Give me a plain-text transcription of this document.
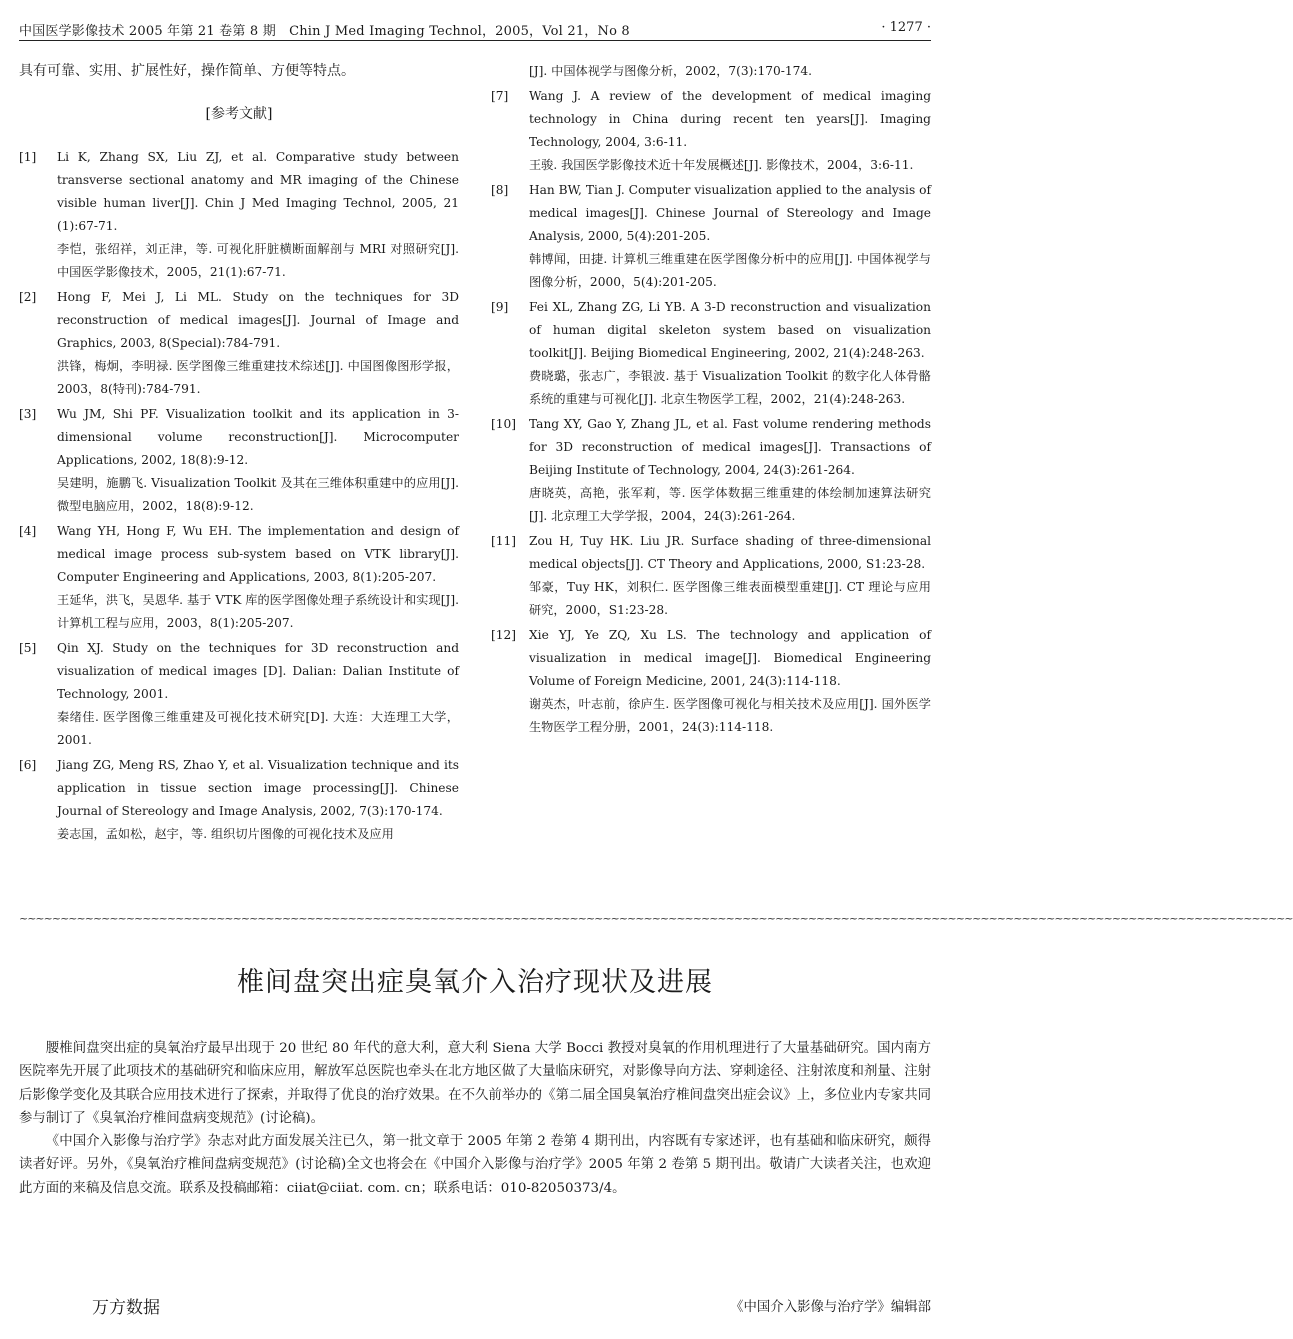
中国医学影像技术 2005 年第 21 卷第 8 期　Chin J Med Imaging Technol，2005，Vol 21，No 8	· 1277 ·
具有可靠、实用、扩展性好，操作简单、方便等特点。
[参考文献]
[1]	Li K, Zhang SX, Liu ZJ, et al. Comparative study between transverse sectional anatomy and MR imaging of the Chinese visible human liver[J]. Chin J Med Imaging Technol, 2005, 21 (1):67-71.

李恺，张绍祥，刘正津，等. 可视化肝脏横断面解剖与 MRI 对照研究[J]. 中国医学影像技术，2005，21(1):67-71.

[2]	Hong F, Mei J, Li ML. Study on the techniques for 3D reconstruction of medical images[J]. Journal of Image and Graphics, 2003, 8(Special):784-791.

洪锋，梅炯，李明禄. 医学图像三维重建技术综述[J]. 中国图像图形学报，2003，8(特刊):784-791.

[3]	Wu JM, Shi PF. Visualization toolkit and its application in 3-dimensional volume reconstruction[J]. Microcomputer Applications, 2002, 18(8):9-12.

吴建明，施鹏飞. Visualization Toolkit 及其在三维体积重建中的应用[J]. 微型电脑应用，2002，18(8):9-12.

[4]	Wang YH, Hong F, Wu EH. The implementation and design of medical image process sub-system based on VTK library[J]. Computer Engineering and Applications, 2003, 8(1):205-207.

王延华，洪飞，吴恩华. 基于 VTK 库的医学图像处理子系统设计和实现[J]. 计算机工程与应用，2003，8(1):205-207.

[5]	Qin XJ. Study on the techniques for 3D reconstruction and visualization of medical images [D]. Dalian: Dalian Institute of Technology, 2001.

秦绪佳. 医学图像三维重建及可视化技术研究[D]. 大连：大连理工大学，2001.

[6]	Jiang ZG, Meng RS, Zhao Y, et al. Visualization technique and its application in tissue section image processing[J]. Chinese Journal of Stereology and Image Analysis, 2002, 7(3):170-174.

姜志国，孟如松，赵宇，等. 组织切片图像的可视化技术及应用

[J]. 中国体视学与图像分析，2002，7(3):170-174.
[7]	Wang J. A review of the development of medical imaging technology in China during recent ten years[J]. Imaging Technology, 2004, 3:6-11.

王骏. 我国医学影像技术近十年发展概述[J]. 影像技术，2004，3:6-11.

[8]	Han BW, Tian J. Computer visualization applied to the analysis of medical images[J]. Chinese Journal of Stereology and Image Analysis, 2000, 5(4):201-205.

韩博闻，田捷. 计算机三维重建在医学图像分析中的应用[J]. 中国体视学与图像分析，2000，5(4):201-205.

[9]	Fei XL, Zhang ZG, Li YB. A 3-D reconstruction and visualization of human digital skeleton system based on visualization toolkit[J]. Beijing Biomedical Engineering, 2002, 21(4):248-263.

费晓璐，张志广，李银波. 基于 Visualization Toolkit 的数字化人体骨骼系统的重建与可视化[J]. 北京生物医学工程，2002，21(4):248-263.

[10]	Tang XY, Gao Y, Zhang JL, et al. Fast volume rendering methods for 3D reconstruction of medical images[J]. Transactions of Beijing Institute of Technology, 2004, 24(3):261-264.

唐晓英，高艳，张军莉，等. 医学体数据三维重建的体绘制加速算法研究[J]. 北京理工大学学报，2004，24(3):261-264.

[11]	Zou H, Tuy HK. Liu JR. Surface shading of three-dimensional medical objects[J]. CT Theory and Applications, 2000, S1:23-28.

邹豪，Tuy HK，刘积仁. 医学图像三维表面模型重建[J]. CT 理论与应用研究，2000，S1:23-28.

[12]	Xie YJ, Ye ZQ, Xu LS. The technology and application of visualization in medical image[J]. Biomedical Engineering Volume of Foreign Medicine, 2001, 24(3):114-118.

谢英杰，叶志前，徐庐生. 医学图像可视化与相关技术及应用[J]. 国外医学生物医学工程分册，2001，24(3):114-118.

~~~~~~~~~~~~~~~~~~~~~~~~~~~~~~~~~~~~~~~~~~~~~~~~~~~~~~~~~~~~~~~~~~~~~~~~~~~~~~~~~~~~~~~~~~~~~~~~~~~~~~~~~~~~~~~~~~~~~~~~~~~~~~~~~~~~~~~~~~~~~~~~~~~~~~~~~~~
椎间盘突出症臭氧介入治疗现状及进展

腰椎间盘突出症的臭氧治疗最早出现于 20 世纪 80 年代的意大利，意大利 Siena 大学 Bocci 教授对臭氧的作用机理进行了大量基础研究。国内南方医院率先开展了此项技术的基础研究和临床应用，解放军总医院也牵头在北方地区做了大量临床研究，对影像导向方法、穿刺途径、注射浓度和剂量、注射后影像学变化及其联合应用技术进行了探索，并取得了优良的治疗效果。在不久前举办的《第二届全国臭氧治疗椎间盘突出症会议》上，多位业内专家共同参与制订了《臭氧治疗椎间盘病变规范》(讨论稿)。

《中国介入影像与治疗学》杂志对此方面发展关注已久，第一批文章于 2005 年第 2 卷第 4 期刊出，内容既有专家述评，也有基础和临床研究，颇得读者好评。另外，《臭氧治疗椎间盘病变规范》(讨论稿)全文也将会在《中国介入影像与治疗学》2005 年第 2 卷第 5 期刊出。敬请广大读者关注，也欢迎此方面的来稿及信息交流。联系及投稿邮箱：ciiat@ciiat. com. cn；联系电话：010-82050373/4。

万方数据	《中国介入影像与治疗学》编辑部
